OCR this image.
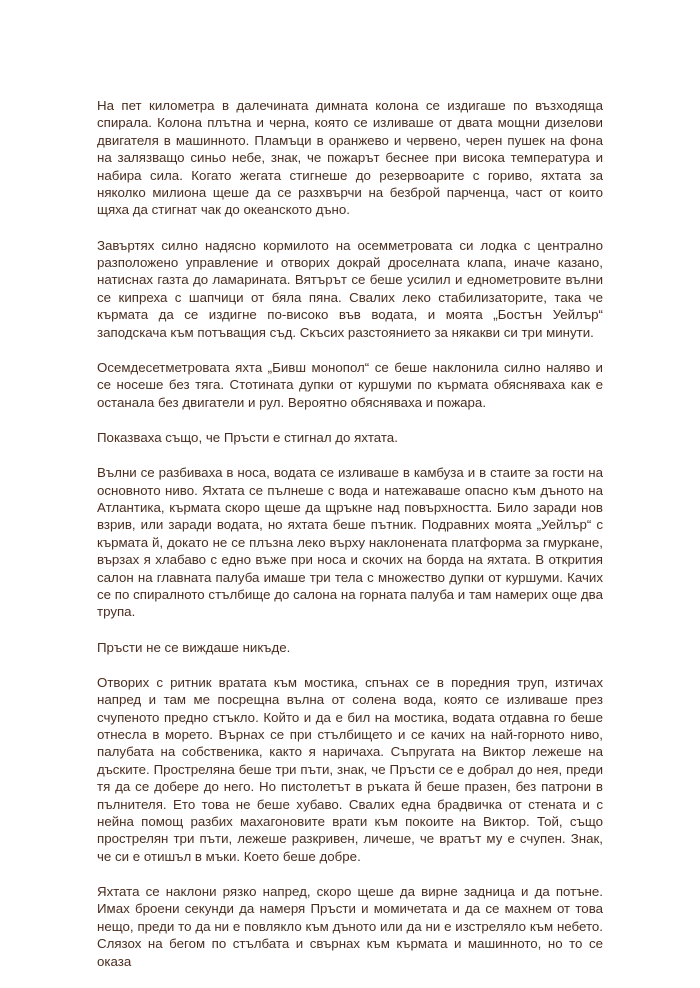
На пет километра в далечината димната колона се издигаше по възходяща спирала. Колона плътна и черна, която се изливаше от двата мощни дизелови двигателя в машинното. Пламъци в оранжево и червено, черен пушек на фона на залязващо синьо небе, знак, че пожарът беснее при висока температура и набира сила. Когато жегата стигнеше до резервоарите с гориво, яхтата за няколко милиона щеше да се разхвърчи на безброй парченца, част от които щяха да стигнат чак до океанското дъно.

Завъртях силно надясно кормилото на осемметровата си лодка с централно разположено управление и отворих докрай дроселната клапа, иначе казано, натиснах газта до ламарината. Вятърът се беше усилил и еднометровите вълни се кипреха с шапчици от бяла пяна. Свалих леко стабилизаторите, така че кърмата да се издигне по-високо във водата, и моята „Бостън Уейлър“ заподскача към потъващия съд. Скъсих разстоянието за някакви си три минути.

Осемдесетметровата яхта „Бивш монопол“ се беше наклонила силно наляво и се носеше без тяга. Стотината дупки от куршуми по кърмата обясняваха как е останала без двигатели и рул. Вероятно обясняваха и пожара.

Показваха също, че Пръсти е стигнал до яхтата.

Вълни се разбиваха в носа, водата се изливаше в камбуза и в стаите за гости на основното ниво. Яхтата се пълнеше с вода и натежаваше опасно към дъното на Атлантика, кърмата скоро щеше да щръкне над повърхността. Било заради нов взрив, или заради водата, но яхтата беше пътник. Подравних моята „Уейлър“ с кърмата й, докато не се плъзна леко върху наклонената платформа за гмуркане, вързах я хлабаво с едно въже при носа и скочих на борда на яхтата. В открития салон на главната палуба имаше три тела с множество дупки от куршуми. Качих се по спиралното стълбище до салона на горната палуба и там намерих още два трупа.

Пръсти не се виждаше никъде.

Отворих с ритник вратата към мостика, спънах се в поредния труп, изтичах напред и там ме посрещна вълна от солена вода, която се изливаше през счупеното предно стъкло. Който и да е бил на мостика, водата отдавна го беше отнесла в морето. Върнах се при стълбището и се качих на най-горното ниво, палубата на собственика, както я наричаха. Съпругата на Виктор лежеше на дъските. Простреляна беше три пъти, знак, че Пръсти се е добрал до нея, преди тя да се добере до него. Но пистолетът в ръката й беше празен, без патрони в пълнителя. Ето това не беше хубаво. Свалих една брадвичка от стената и с нейна помощ разбих махагоновите врати към покоите на Виктор. Той, също прострелян три пъти, лежеше разкривен, личеше, че вратът му е счупен. Знак, че си е отишъл в мъки. Което беше добре.

Яхтата се наклони рязко напред, скоро щеше да вирне задница и да потъне. Имах броени секунди да намеря Пръсти и момичетата и да се махнем от това нещо, преди то да ни е повлякло към дъното или да ни е изстреляло към небето. Слязох на бегом по стълбата и свърнах към кърмата и машинното, но то се оказа
